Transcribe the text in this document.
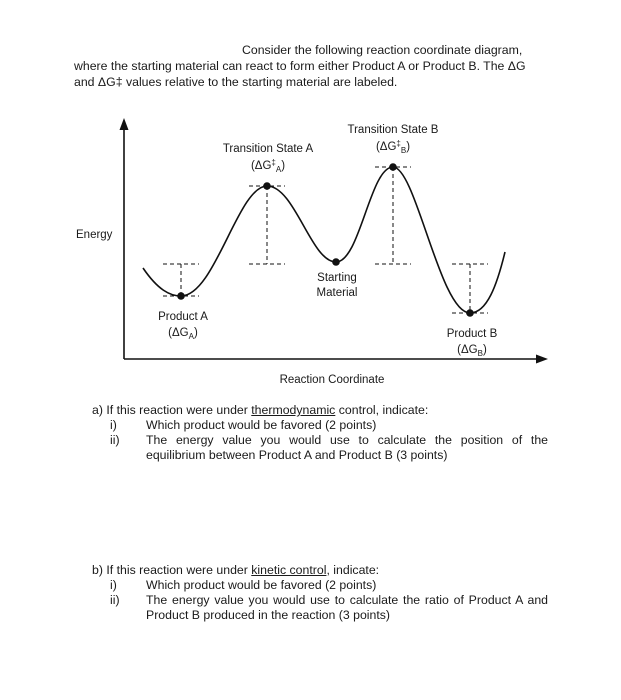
Consider the following reaction coordinate diagram,

where the starting material can react to form either Product A or Product B. The ΔG

and ΔG‡ values relative to the starting material are labeled.

Energy
Reaction Coordinate
Transition State A
$(\Delta G^\ddagger_A)$
Transition State B
$(\Delta G^\ddagger_B)$
Starting
Material
Product A
$(\Delta G_A)$	Product B
$(\Delta G_B)$
a) If this reaction were under thermodynamic control, indicate:
i) Which product would be favored (2 points)
ii) The energy value you would use to calculate the position of the equilibrium between Product A and Product B (3 points)
b) If this reaction were under kinetic control, indicate:
i) Which product would be favored (2 points)
ii) The energy value you would use to calculate the ratio of Product A and Product B produced in the reaction (3 points)
